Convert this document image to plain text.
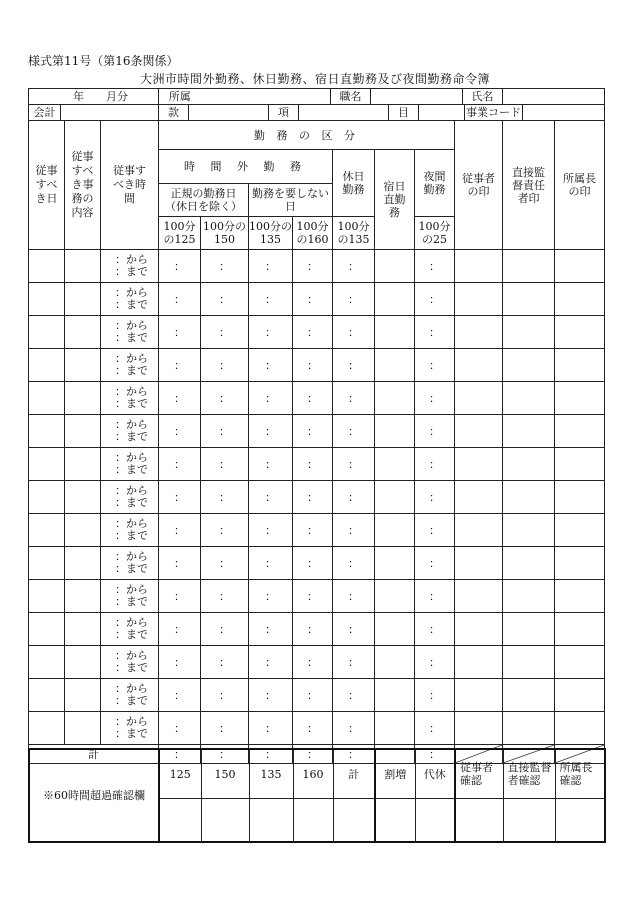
様式第11号（第16条関係）
大洲市時間外勤務、休日勤務、宿日直勤務及び夜間勤務命令簿
年 月分	所属		職名		氏名	
会計		款		項		目		事業コード	
従事すべき日	従事すべき事務の内容	従事すべき時間	勤 務 の 区 分							従事者の印	直接監督責任者印	所属長の印

			時 間 外 勤 務				休日勤務	宿日直勤務	夜間勤務			

			正規の勤務日（休日を除く）		勤務を要しない日							

			100分の125	100分の150	100分の135	100分の160	100分の135		100分の25			

		：から
：まで	：	：	：	：	：		：			

		：から
：まで	：	：	：	：	：		：			

		：から
：まで	：	：	：	：	：		：			

		：から
：まで	：	：	：	：	：		：			

		：から
：まで	：	：	：	：	：		：			

		：から
：まで	：	：	：	：	：		：			

		：から
：まで	：	：	：	：	：		：			

		：から
：まで	：	：	：	：	：		：			

		：から
：まで	：	：	：	：	：		：			

		：から
：まで	：	：	：	：	：		：			

		：から
：まで	：	：	：	：	：		：			

		：から
：まで	：	：	：	：	：		：			

		：から
：まで	：	：	：	：	：		：			

		：から
：まで	：	：	：	：	：		：			

		：から
：まで	：	：	：	：	：		：			
計			：	：	：	：	：		：	

※60時間超過確認欄	125	150	135	160	計	割増	代休	従事者確認	直接監督者確認	所属長確認
